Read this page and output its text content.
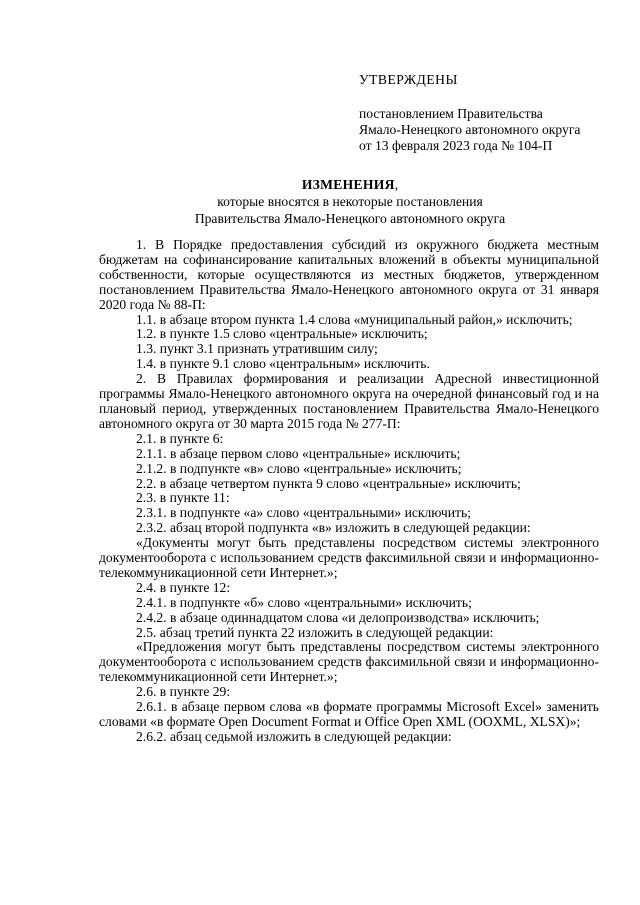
УТВЕРЖДЕНЫ
постановлением Правительства
Ямало-Ненецкого автономного округа
от 13 февраля 2023 года № 104-П
ИЗМЕНЕНИЯ,
которые вносятся в некоторые постановления
Правительства Ямало-Ненецкого автономного округа

1. В Порядке предоставления субсидий из окружного бюджета местным бюджетам на софинансирование капитальных вложений в объекты муниципальной собственности, которые осуществляются из местных бюджетов, утвержденном постановлением Правительства Ямало-Ненецкого автономного округа от 31 января 2020 года № 88-П:

1.1. в абзаце втором пункта 1.4 слова «муниципальный район,» исключить;

1.2. в пункте 1.5 слово «центральные» исключить;

1.3. пункт 3.1 признать утратившим силу;

1.4. в пункте 9.1 слово «центральным» исключить.

2. В Правилах формирования и реализации Адресной инвестиционной программы Ямало-Ненецкого автономного округа на очередной финансовый год и на плановый период, утвержденных постановлением Правительства Ямало-Ненецкого автономного округа от 30 марта 2015 года № 277-П:

2.1. в пункте 6:

2.1.1. в абзаце первом слово «центральные» исключить;

2.1.2. в подпункте «в» слово «центральные» исключить;

2.2. в абзаце четвертом пункта 9 слово «центральные» исключить;

2.3. в пункте 11:

2.3.1. в подпункте «а» слово «центральными» исключить;

2.3.2. абзац второй подпункта «в» изложить в следующей редакции:

«Документы могут быть представлены посредством системы электронного документооборота с использованием средств факсимильной связи и информационно-телекоммуникационной сети Интернет.»;

2.4. в пункте 12:

2.4.1. в подпункте «б» слово «центральными» исключить;

2.4.2. в абзаце одиннадцатом слова «и делопроизводства» исключить;

2.5. абзац третий пункта 22 изложить в следующей редакции:

«Предложения могут быть представлены посредством системы электронного документооборота с использованием средств факсимильной связи и информационно-телекоммуникационной сети Интернет.»;

2.6. в пункте 29:

2.6.1. в абзаце первом слова «в формате программы Microsoft Excel» заменить словами «в формате Open Document Format и Office Open XML (OOXML, XLSX)»;

2.6.2. абзац седьмой изложить в следующей редакции:
